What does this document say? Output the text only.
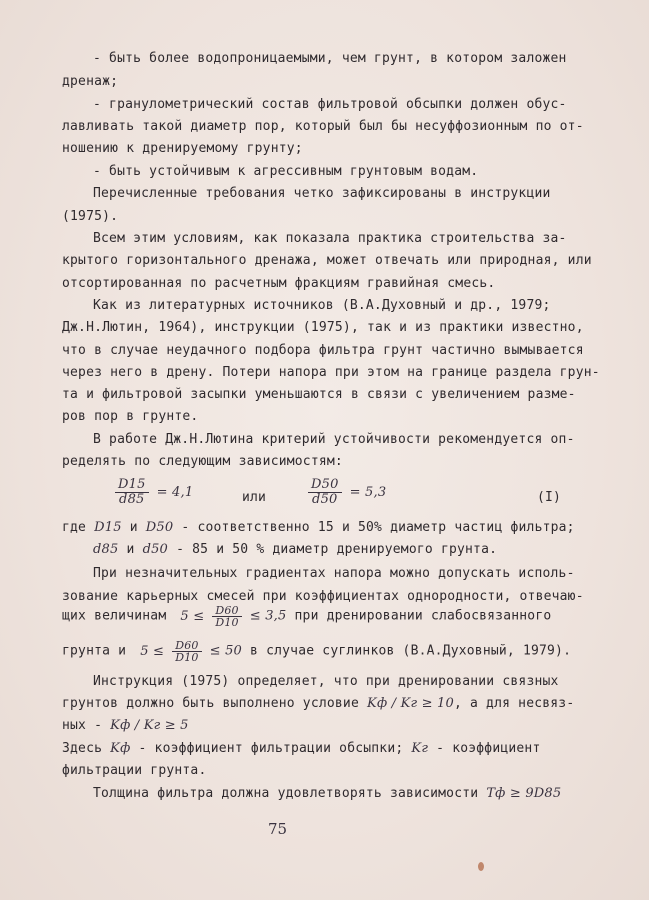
- быть более водопроницаемыми, чем грунт, в котором заложен
дренаж;
- гранулометрический состав фильтровой обсыпки должен обус-
лавливать такой диаметр пор, который был бы несуффозионным по от-
ношению к дренируемому грунту;
- быть устойчивым к агрессивным грунтовым водам.
Перечисленные требования четко зафиксированы в инструкции
(1975).
Всем этим условиям, как показала практика строительства за-
крытого горизонтального дренажа, может отвечать или природная, или
отсортированная по расчетным фракциям гравийная смесь.
Как из литературных источников (В.А.Духовный и др., 1979;
Дж.Н.Лютин, 1964), инструкции (1975), так и из практики известно,
что в случае неудачного подбора фильтра грунт частично вымывается
через него в дрену. Потери напора при этом на границе раздела грун-
та и фильтровой засыпки уменьшаются в связи с увеличением разме-
ров пор в грунте.
В работе Дж.Н.Лютина критерий устойчивости рекомендуется оп-
ределять по следующим зависимостям:
$\frac{D15}{d85} = 4,1$	или	$\frac{D50}{d50} = 5,3$	(I)
где D15 и D50 - соответственно 15 и 50% диаметр частиц фильтра;
d85 и d50 - 85 и 50 % диаметр дренируемого грунта.
При незначительных градиентах напора можно допускать исполь-
зование карьерных смесей при коэффициентах однородности, отвечаю-
щих величинам $5 \le \frac{D60}{D10} \le 3,5$ при дренировании слабосвязанного
грунта и $5 \le \frac{D60}{D10} \le 50$ в случае суглинков (В.А.Духовный, 1979).
Инструкция (1975) определяет, что при дренировании связных
грунтов должно быть выполнено условие Kф / Kг ≥ 10, а для несвяз-
ных - Kф / Kг ≥ 5
Здесь Kф - коэффициент фильтрации обсыпки; Kг - коэффициент
фильтрации грунта.
Толщина фильтра должна удовлетворять зависимости Tф ≥ 9D85
75
